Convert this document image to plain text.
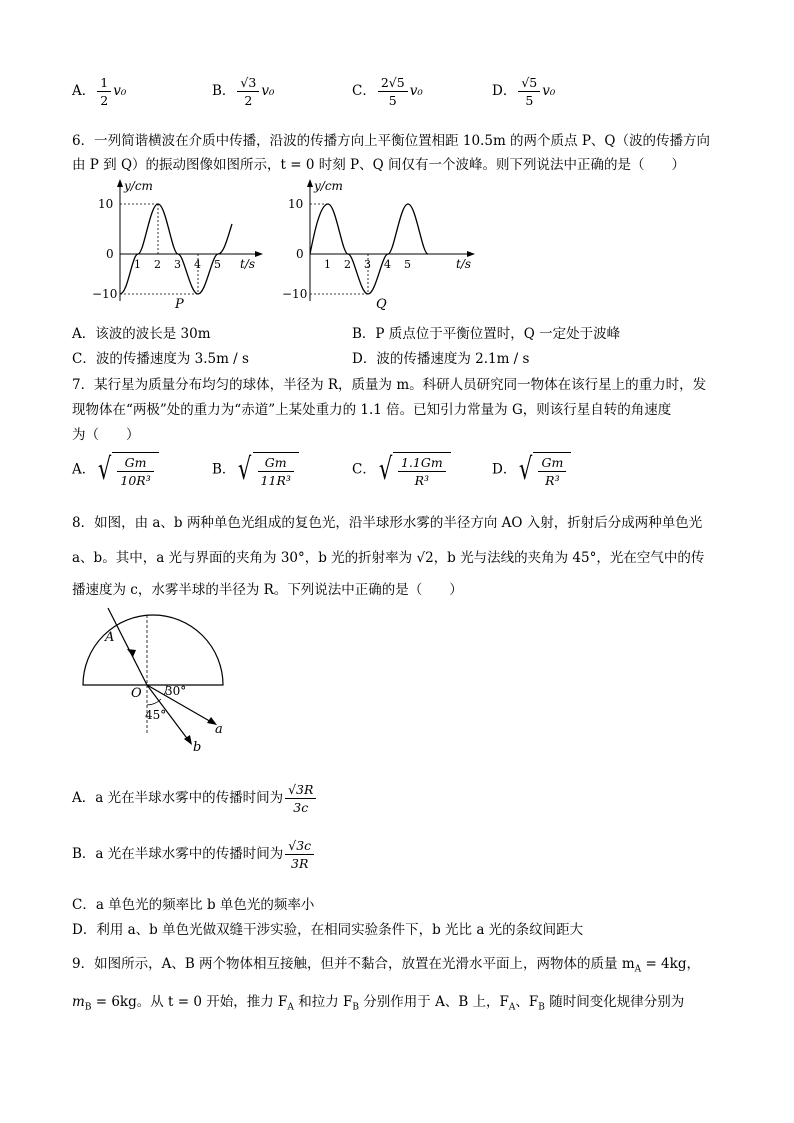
A． $\frac{1}{2} v_0$	B． $\frac{√3}{2} v_0$	C． $\frac{2√5}{5} v_0$	D． $\frac{√5}{5} v_0$
6．一列简谐横波在介质中传播，沿波的传播方向上平衡位置相距 10.5m 的两个质点 P、Q（波的传播方向
由 P 到 Q）的振动图像如图所示，t = 0 时刻 P、Q 间仅有一个波峰。则下列说法中正确的是（　　）
y/cm
t/s
10
−10
0
1 2 3 4 5
P
y/cm
t/s
10
−10
0
1 2 3 4 5
Q
A．该波的波长是 30m	B．P 质点位于平衡位置时，Q 一定处于波峰
C．波的传播速度为 3.5m / s	D．波的传播速度为 2.1m / s
7．某行星为质量分布均匀的球体，半径为 R，质量为 m。科研人员研究同一物体在该行星上的重力时，发
现物体在“两极”处的重力为“赤道”上某处重力的 1.1 倍。已知引力常量为 G，则该行星自转的角速度
为（　　）
A．√ $\frac{Gm}{\text{10R³}}$	B．√ $\frac{Gm}{\text{11R³}}$	C．√ $\frac{1.1Gm}{\text{R³}}$	D．√ $\frac{Gm}{\text{R³}}$
8．如图，由 a、b 两种单色光组成的复色光，沿半球形水雾的半径方向 AO 入射，折射后分成两种单色光
a、b。其中，a 光与界面的夹角为 30°，b 光的折射率为 √2，b 光与法线的夹角为 45°，光在空气中的传
播速度为 c，水雾半球的半径为 R。下列说法中正确的是（　　）
A
O 30°
45°
a
b
A．a 光在半球水雾中的传播时间为 $\frac{√3R}{3c}$
B．a 光在半球水雾中的传播时间为 $\frac{√3c}{3R}$
C．a 单色光的频率比 b 单色光的频率小
D．利用 a、b 单色光做双缝干涉实验，在相同实验条件下，b 光比 a 光的条纹间距大
9．如图所示，A、B 两个物体相互接触，但并不黏合，放置在光滑水平面上，两物体的质量 $m_A = 4kg$，
$m_B = 6kg$。从 t = 0 开始，推力 $F_A$ 和拉力 $F_B$ 分别作用于 A、B 上，$F_A$、$F_B$ 随时间变化规律分别为
